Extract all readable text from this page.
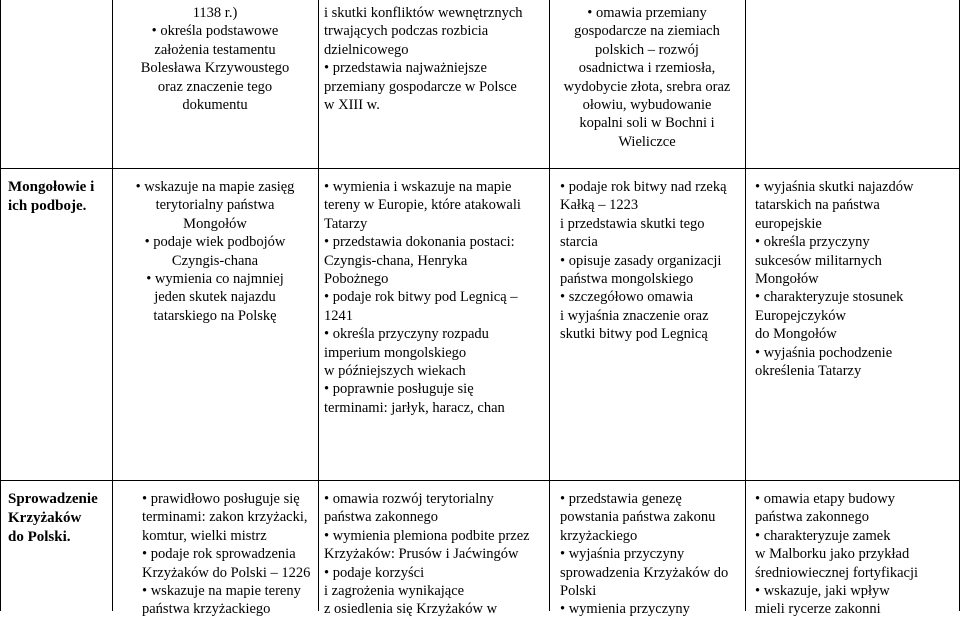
1138 r.)
• określa podstawowe
założenia testamentu
Bolesława Krzywoustego
oraz znaczenie tego
dokumentu
i skutki konfliktów wewnętrznych
trwających podczas rozbicia
dzielnicowego
• przedstawia najważniejsze
przemiany gospodarcze w Polsce
w XIII w.
• omawia przemiany
gospodarcze na ziemiach
polskich – rozwój
osadnictwa i rzemiosła,
wydobycie złota, srebra oraz
ołowiu, wybudowanie
kopalni soli w Bochni i
Wieliczce
Mongołowie i
ich podboje.
• wskazuje na mapie zasięg
terytorialny państwa
Mongołów
• podaje wiek podbojów
Czyngis-chana
• wymienia co najmniej
jeden skutek najazdu
tatarskiego na Polskę
• wymienia i wskazuje na mapie
tereny w Europie, które atakowali
Tatarzy
• przedstawia dokonania postaci:
Czyngis-chana, Henryka
Pobożnego
• podaje rok bitwy pod Legnicą –
1241
• określa przyczyny rozpadu
imperium mongolskiego
w późniejszych wiekach
• poprawnie posługuje się
terminami: jarłyk, haracz, chan
• podaje rok bitwy nad rzeką
Kałką – 1223
i przedstawia skutki tego
starcia
• opisuje zasady organizacji
państwa mongolskiego
• szczegółowo omawia
i wyjaśnia znaczenie oraz
skutki bitwy pod Legnicą
• wyjaśnia skutki najazdów
tatarskich na państwa
europejskie
• określa przyczyny
sukcesów militarnych
Mongołów
• charakteryzuje stosunek
Europejczyków
do Mongołów
• wyjaśnia pochodzenie
określenia Tatarzy
Sprowadzenie
Krzyżaków
do Polski.
• prawidłowo posługuje się
terminami: zakon krzyżacki,
komtur, wielki mistrz
• podaje rok sprowadzenia
Krzyżaków do Polski – 1226
• wskazuje na mapie tereny
państwa krzyżackiego
• omawia rozwój terytorialny
państwa zakonnego
• wymienia plemiona podbite przez
Krzyżaków: Prusów i Jaćwingów
• podaje korzyści
i zagrożenia wynikające
z osiedlenia się Krzyżaków w
• przedstawia genezę
powstania państwa zakonu
krzyżackiego
• wyjaśnia przyczyny
sprowadzenia Krzyżaków do
Polski
• wymienia przyczyny
• omawia etapy budowy
państwa zakonnego
• charakteryzuje zamek
w Malborku jako przykład
średniowiecznej fortyfikacji
• wskazuje, jaki wpływ
mieli rycerze zakonni
